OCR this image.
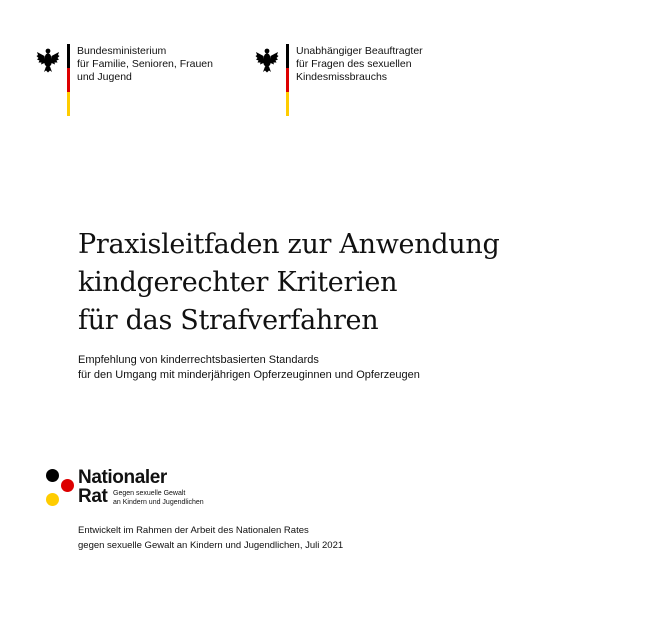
Bundesministerium
für Familie, Senioren, Frauen
und Jugend
Unabhängiger Beauftragter
für Fragen des sexuellen
Kindesmissbrauchs
Praxisleitfaden zur Anwendung
kindgerechter Kriterien
für das Strafverfahren
Empfehlung von kinderrechtsbasierten Standards
für den Umgang mit minderjährigen Opferzeuginnen und Opferzeugen
Nationaler
Rat Gegen sexuelle Gewalt
an Kindern und Jugendlichen
Entwickelt im Rahmen der Arbeit des Nationalen Rates
gegen sexuelle Gewalt an Kindern und Jugendlichen, Juli 2021
